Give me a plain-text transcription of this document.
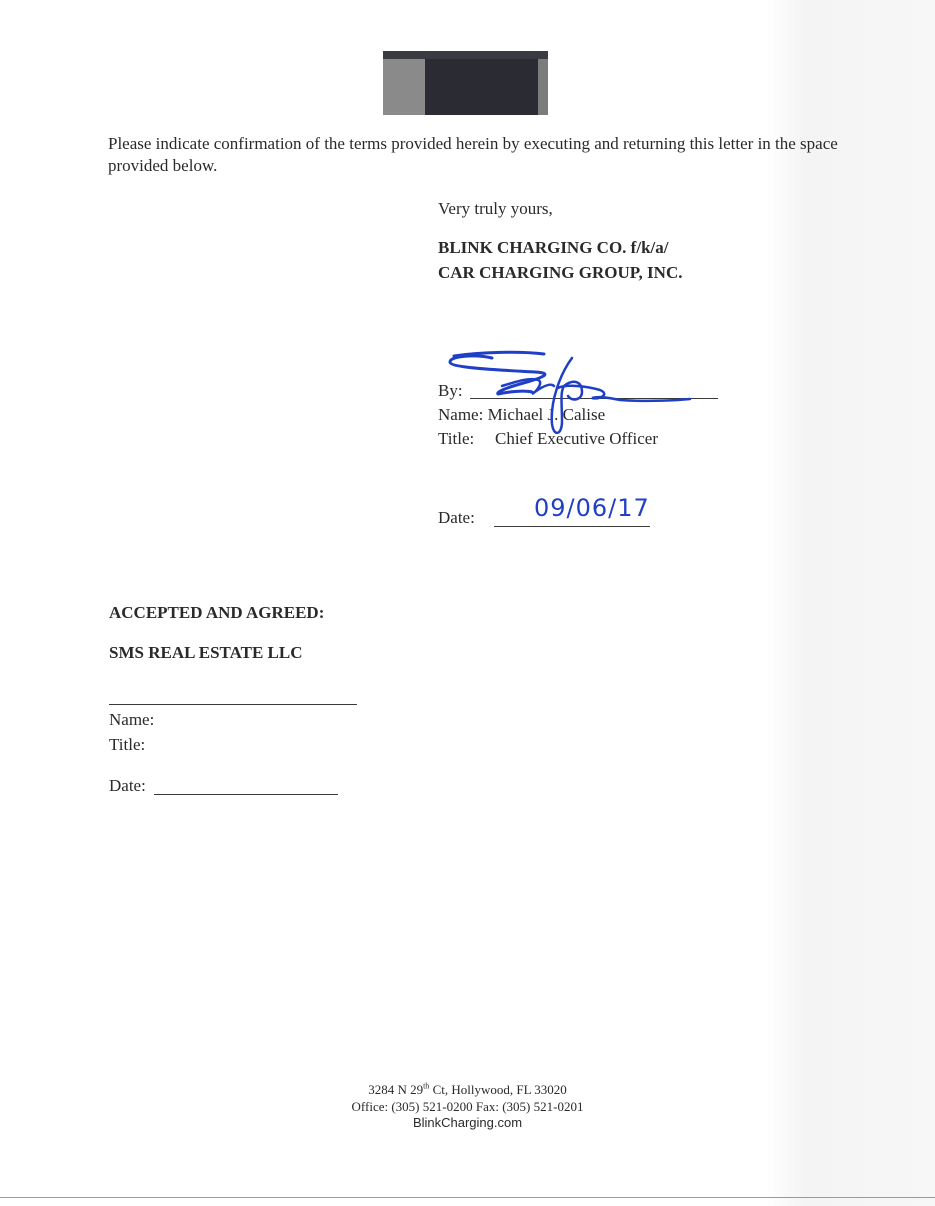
Please indicate confirmation of the terms provided herein by executing and returning this letter in the space provided below.
Very truly yours,
BLINK CHARGING CO. f/k/a/
CAR CHARGING GROUP, INC.
By:
Name: Michael J. Calise
Title: Chief Executive Officer
Date: 09/06/17
ACCEPTED AND AGREED:
SMS REAL ESTATE LLC
Name:
Title:
Date:
3284 N 29th Ct, Hollywood, FL 33020
Office: (305) 521-0200 Fax: (305) 521-0201
BlinkCharging.com
